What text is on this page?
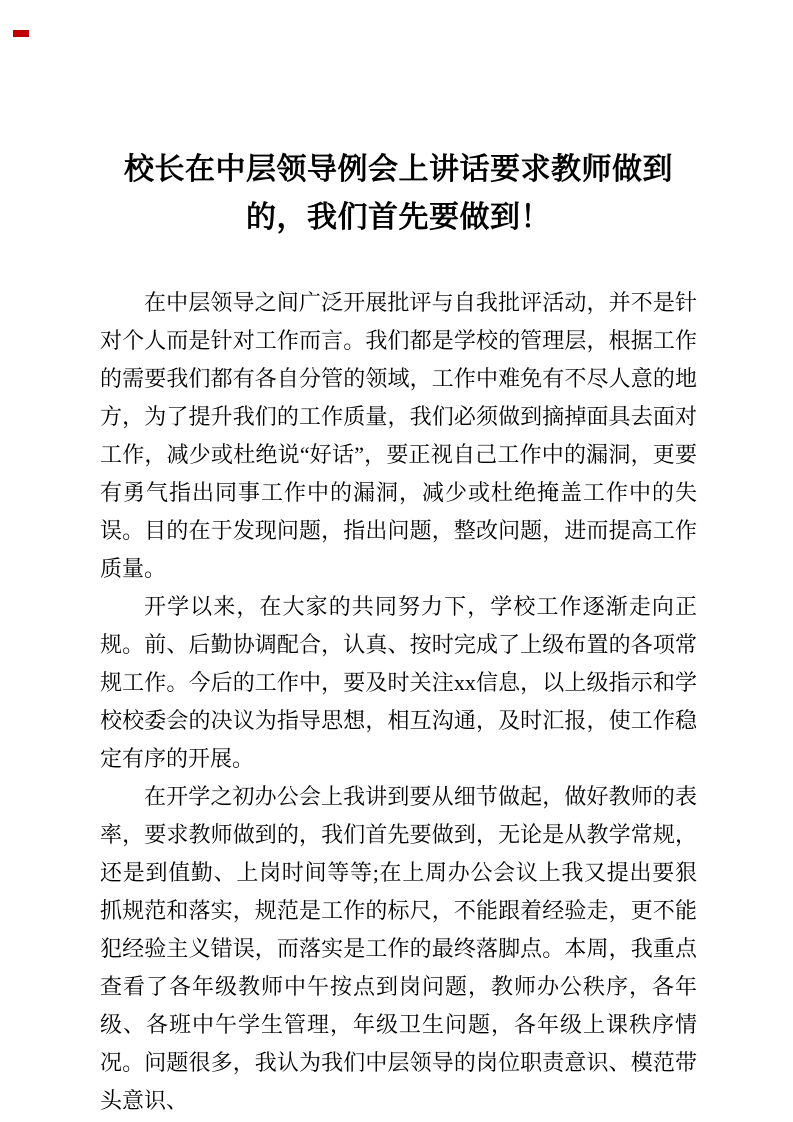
校长在中层领导例会上讲话要求教师做到的，我们首先要做到！

在中层领导之间广泛开展批评与自我批评活动，并不是针对个人而是针对工作而言。我们都是学校的管理层，根据工作的需要我们都有各自分管的领域，工作中难免有不尽人意的地方，为了提升我们的工作质量，我们必须做到摘掉面具去面对工作，减少或杜绝说“好话”，要正视自己工作中的漏洞，更要有勇气指出同事工作中的漏洞，减少或杜绝掩盖工作中的失误。目的在于发现问题，指出问题，整改问题，进而提高工作质量。

开学以来，在大家的共同努力下，学校工作逐渐走向正规。前、后勤协调配合，认真、按时完成了上级布置的各项常规工作。今后的工作中，要及时关注xx信息，以上级指示和学校校委会的决议为指导思想，相互沟通，及时汇报，使工作稳定有序的开展。

在开学之初办公会上我讲到要从细节做起，做好教师的表率，要求教师做到的，我们首先要做到，无论是从教学常规，还是到值勤、上岗时间等等;在上周办公会议上我又提出要狠抓规范和落实，规范是工作的标尺，不能跟着经验走，更不能犯经验主义错误，而落实是工作的最终落脚点。本周，我重点查看了各年级教师中午按点到岗问题，教师办公秩序，各年级、各班中午学生管理，年级卫生问题，各年级上课秩序情况。问题很多，我认为我们中层领导的岗位职责意识、模范带头意识、
